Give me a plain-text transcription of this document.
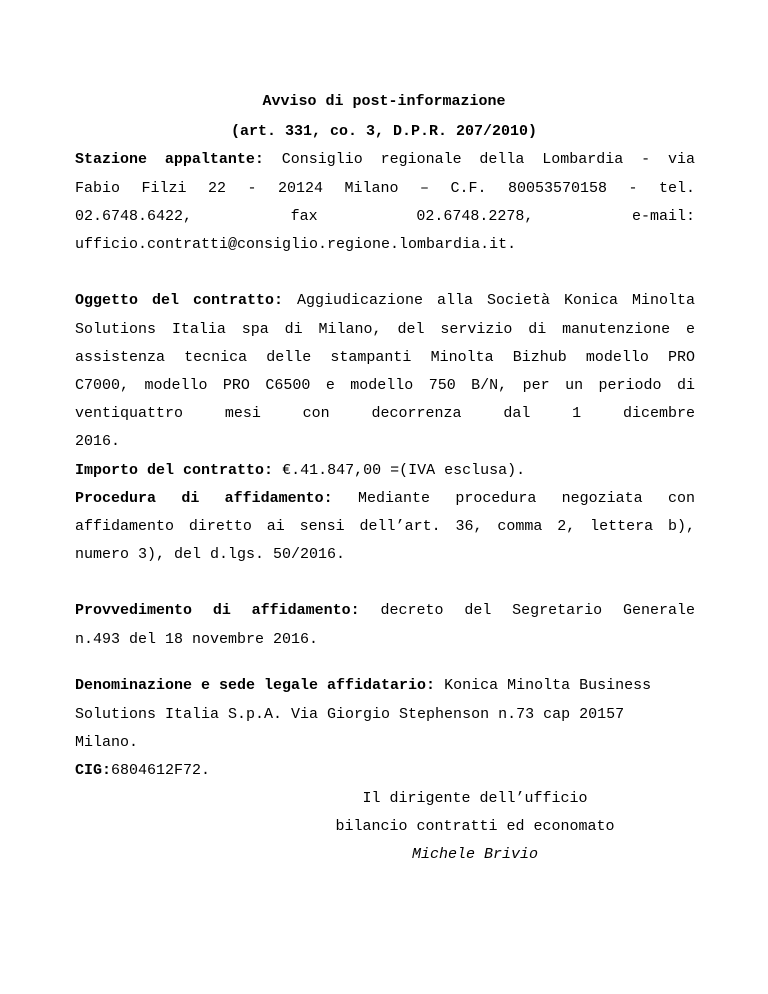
Avviso di post-informazione
(art. 331, co. 3, D.P.R. 207/2010)
Stazione appaltante: Consiglio regionale della Lombardia - via
Fabio Filzi 22 - 20124 Milano – C.F. 80053570158 - tel.
02.6748.6422, fax 02.6748.2278, e-mail:
ufficio.contratti@consiglio.regione.lombardia.it.
Oggetto del contratto: Aggiudicazione alla Società Konica Minolta
Solutions Italia spa di Milano, del servizio di manutenzione e
assistenza tecnica delle stampanti Minolta Bizhub modello PRO
C7000, modello PRO C6500 e modello 750 B/N, per un periodo di
ventiquattro mesi con decorrenza dal 1 dicembre
2016.
Importo del contratto: €.41.847,00 =(IVA esclusa).
Procedura di affidamento: Mediante procedura negoziata con
affidamento diretto ai sensi dell’art. 36, comma 2, lettera b),
numero 3), del d.lgs. 50/2016.
Provvedimento di affidamento: decreto del Segretario Generale
n.493 del 18 novembre 2016.
Denominazione e sede legale affidatario: Konica Minolta Business
Solutions Italia S.p.A. Via Giorgio Stephenson n.73 cap 20157
Milano.
CIG:6804612F72.
Il dirigente dell’ufficio
bilancio contratti ed economato
Michele Brivio
